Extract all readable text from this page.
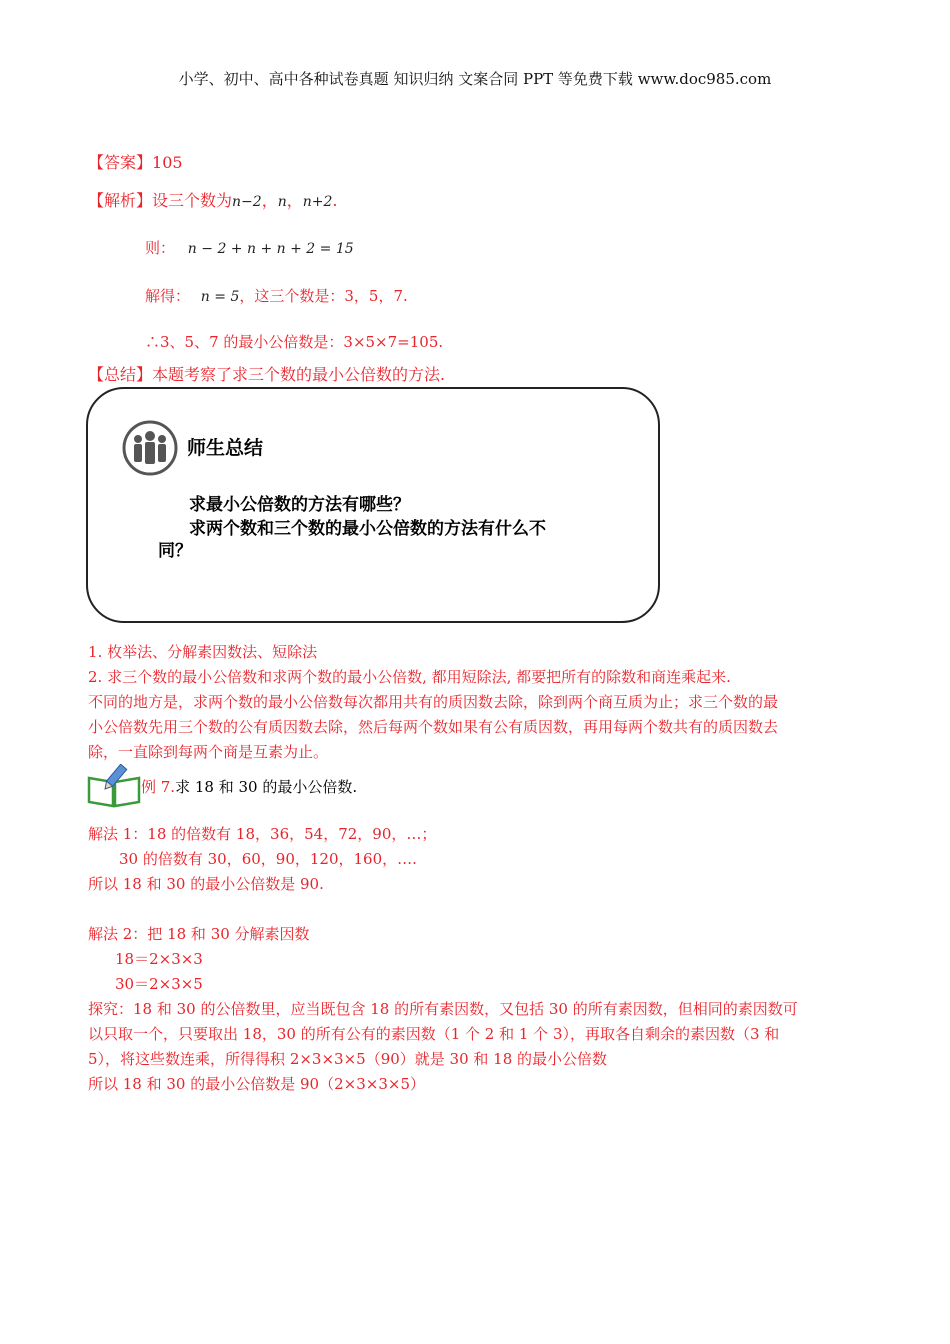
小学、初中、高中各种试卷真题 知识归纳 文案合同 PPT 等免费下载 www.doc985.com
【答案】105
【解析】设三个数为n−2，n，n+2.
则： n − 2 + n + n + 2 = 15
解得： n = 5，这三个数是：3，5，7.
∴3、5、7 的最小公倍数是：3×5×7=105.
【总结】本题考察了求三个数的最小公倍数的方法.
师生总结
求最小公倍数的方法有哪些？
求两个数和三个数的最小公倍数的方法有什么不
同？
1. 枚举法、分解素因数法、短除法
2. 求三个数的最小公倍数和求两个数的最小公倍数, 都用短除法, 都要把所有的除数和商连乘起来.
不同的地方是，求两个数的最小公倍数每次都用共有的质因数去除，除到两个商互质为止；求三个数的最
小公倍数先用三个数的公有质因数去除，然后每两个数如果有公有质因数，再用每两个数共有的质因数去
除，一直除到每两个商是互素为止。
例 7.求 18 和 30 的最小公倍数.
解法 1：18 的倍数有 18，36，54，72，90，…；
30 的倍数有 30，60，90，120，160，….
所以 18 和 30 的最小公倍数是 90.
解法 2：把 18 和 30 分解素因数
18＝2×3×3
30＝2×3×5
探究：18 和 30 的公倍数里，应当既包含 18 的所有素因数，又包括 30 的所有素因数，但相同的素因数可
以只取一个，只要取出 18，30 的所有公有的素因数（1 个 2 和 1 个 3），再取各自剩余的素因数（3 和
5），将这些数连乘，所得得积 2×3×3×5（90）就是 30 和 18 的最小公倍数
所以 18 和 30 的最小公倍数是 90（2×3×3×5）
